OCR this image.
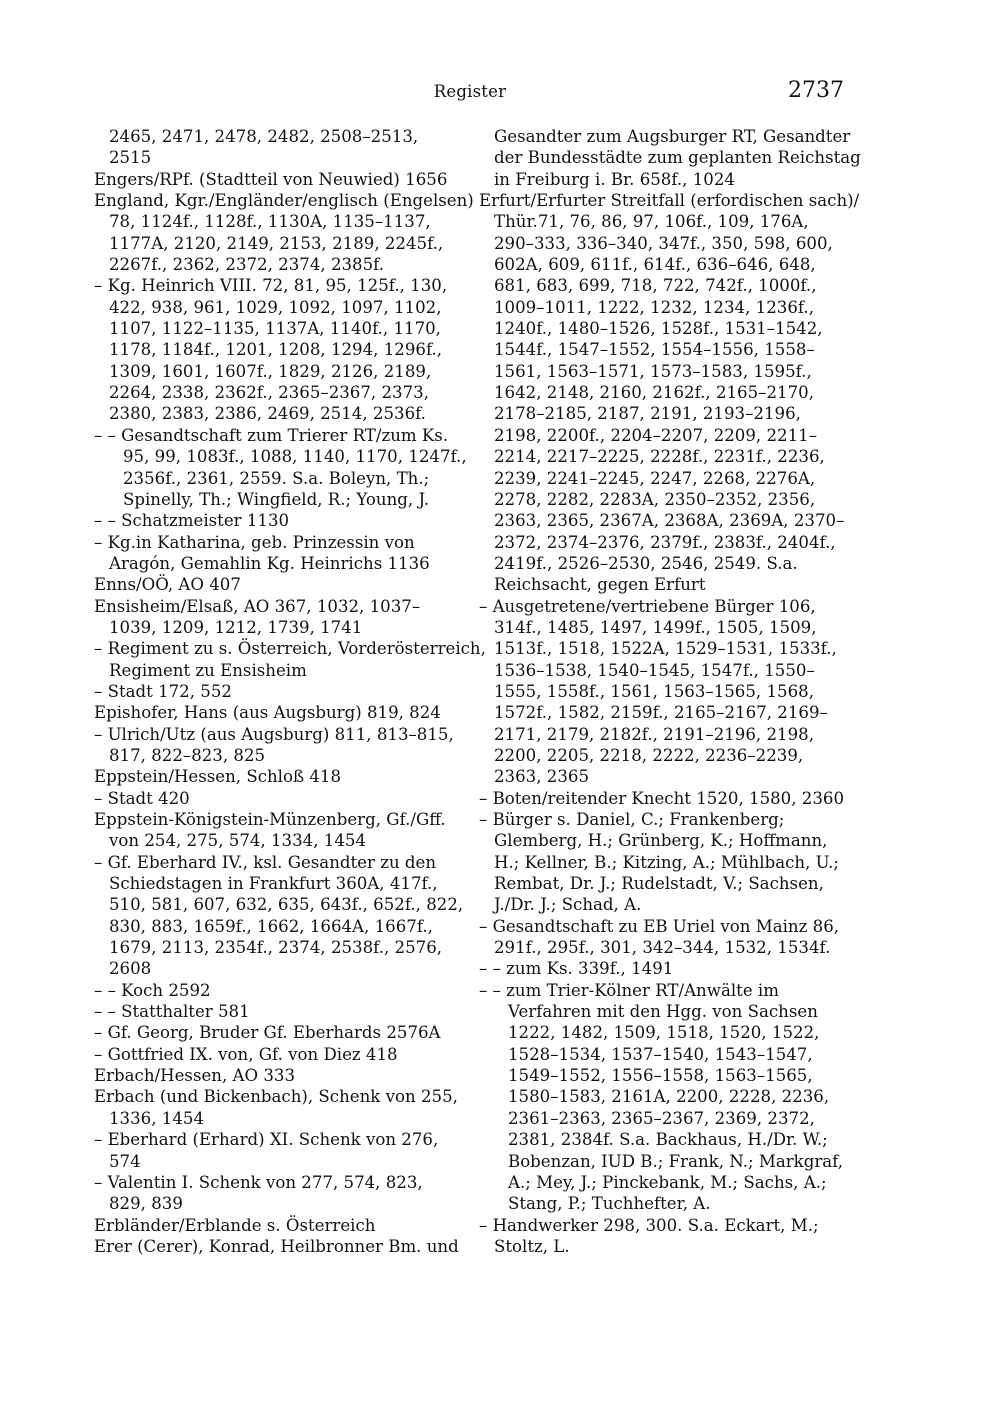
Register	2737
2465, 2471, 2478, 2482, 2508–2513,
2515
Engers/RPf. (Stadtteil von Neuwied) 1656
England, Kgr./Engländer/englisch (Engelsen)
78, 1124f., 1128f., 1130A, 1135–1137,
1177A, 2120, 2149, 2153, 2189, 2245f.,
2267f., 2362, 2372, 2374, 2385f.
– Kg. Heinrich VIII. 72, 81, 95, 125f., 130,
422, 938, 961, 1029, 1092, 1097, 1102,
1107, 1122–1135, 1137A, 1140f., 1170,
1178, 1184f., 1201, 1208, 1294, 1296f.,
1309, 1601, 1607f., 1829, 2126, 2189,
2264, 2338, 2362f., 2365–2367, 2373,
2380, 2383, 2386, 2469, 2514, 2536f.
– – Gesandtschaft zum Trierer RT/zum Ks.
95, 99, 1083f., 1088, 1140, 1170, 1247f.,
2356f., 2361, 2559. S.a. Boleyn, Th.;
Spinelly, Th.; Wingfield, R.; Young, J.
– – Schatzmeister 1130
– Kg.in Katharina, geb. Prinzessin von
Aragón, Gemahlin Kg. Heinrichs 1136
Enns/OÖ, AO 407
Ensisheim/Elsaß, AO 367, 1032, 1037–
1039, 1209, 1212, 1739, 1741
– Regiment zu s. Österreich, Vorderösterreich,
Regiment zu Ensisheim
– Stadt 172, 552
Epishofer, Hans (aus Augsburg) 819, 824
– Ulrich/Utz (aus Augsburg) 811, 813–815,
817, 822–823, 825
Eppstein/Hessen, Schloß 418
– Stadt 420
Eppstein-Königstein-Münzenberg, Gf./Gff.
von 254, 275, 574, 1334, 1454
– Gf. Eberhard IV., ksl. Gesandter zu den
Schiedstagen in Frankfurt 360A, 417f.,
510, 581, 607, 632, 635, 643f., 652f., 822,
830, 883, 1659f., 1662, 1664A, 1667f.,
1679, 2113, 2354f., 2374, 2538f., 2576,
2608
– – Koch 2592
– – Statthalter 581
– Gf. Georg, Bruder Gf. Eberhards 2576A
– Gottfried IX. von, Gf. von Diez 418
Erbach/Hessen, AO 333
Erbach (und Bickenbach), Schenk von 255,
1336, 1454
– Eberhard (Erhard) XI. Schenk von 276,
574
– Valentin I. Schenk von 277, 574, 823,
829, 839
Erbländer/Erblande s. Österreich
Erer (Cerer), Konrad, Heilbronner Bm. und
Gesandter zum Augsburger RT, Gesandter
der Bundesstädte zum geplanten Reichstag
in Freiburg i. Br. 658f., 1024
Erfurt/Erfurter Streitfall (erfordischen sach)/
Thür.71, 76, 86, 97, 106f., 109, 176A,
290–333, 336–340, 347f., 350, 598, 600,
602A, 609, 611f., 614f., 636–646, 648,
681, 683, 699, 718, 722, 742f., 1000f.,
1009–1011, 1222, 1232, 1234, 1236f.,
1240f., 1480–1526, 1528f., 1531–1542,
1544f., 1547–1552, 1554–1556, 1558–
1561, 1563–1571, 1573–1583, 1595f.,
1642, 2148, 2160, 2162f., 2165–2170,
2178–2185, 2187, 2191, 2193–2196,
2198, 2200f., 2204–2207, 2209, 2211–
2214, 2217–2225, 2228f., 2231f., 2236,
2239, 2241–2245, 2247, 2268, 2276A,
2278, 2282, 2283A, 2350–2352, 2356,
2363, 2365, 2367A, 2368A, 2369A, 2370–
2372, 2374–2376, 2379f., 2383f., 2404f.,
2419f., 2526–2530, 2546, 2549. S.a.
Reichsacht, gegen Erfurt
– Ausgetretene/vertriebene Bürger 106,
314f., 1485, 1497, 1499f., 1505, 1509,
1513f., 1518, 1522A, 1529–1531, 1533f.,
1536–1538, 1540–1545, 1547f., 1550–
1555, 1558f., 1561, 1563–1565, 1568,
1572f., 1582, 2159f., 2165–2167, 2169–
2171, 2179, 2182f., 2191–2196, 2198,
2200, 2205, 2218, 2222, 2236–2239,
2363, 2365
– Boten/reitender Knecht 1520, 1580, 2360
– Bürger s. Daniel, C.; Frankenberg;
Glemberg, H.; Grünberg, K.; Hoffmann,
H.; Kellner, B.; Kitzing, A.; Mühlbach, U.;
Rembat, Dr. J.; Rudelstadt, V.; Sachsen,
J./Dr. J.; Schad, A.
– Gesandtschaft zu EB Uriel von Mainz 86,
291f., 295f., 301, 342–344, 1532, 1534f.
– – zum Ks. 339f., 1491
– – zum Trier-Kölner RT/Anwälte im
Verfahren mit den Hgg. von Sachsen
1222, 1482, 1509, 1518, 1520, 1522,
1528–1534, 1537–1540, 1543–1547,
1549–1552, 1556–1558, 1563–1565,
1580–1583, 2161A, 2200, 2228, 2236,
2361–2363, 2365–2367, 2369, 2372,
2381, 2384f. S.a. Backhaus, H./Dr. W.;
Bobenzan, IUD B.; Frank, N.; Markgraf,
A.; Mey, J.; Pinckebank, M.; Sachs, A.;
Stang, P.; Tuchhefter, A.
– Handwerker 298, 300. S.a. Eckart, M.;
Stoltz, L.
